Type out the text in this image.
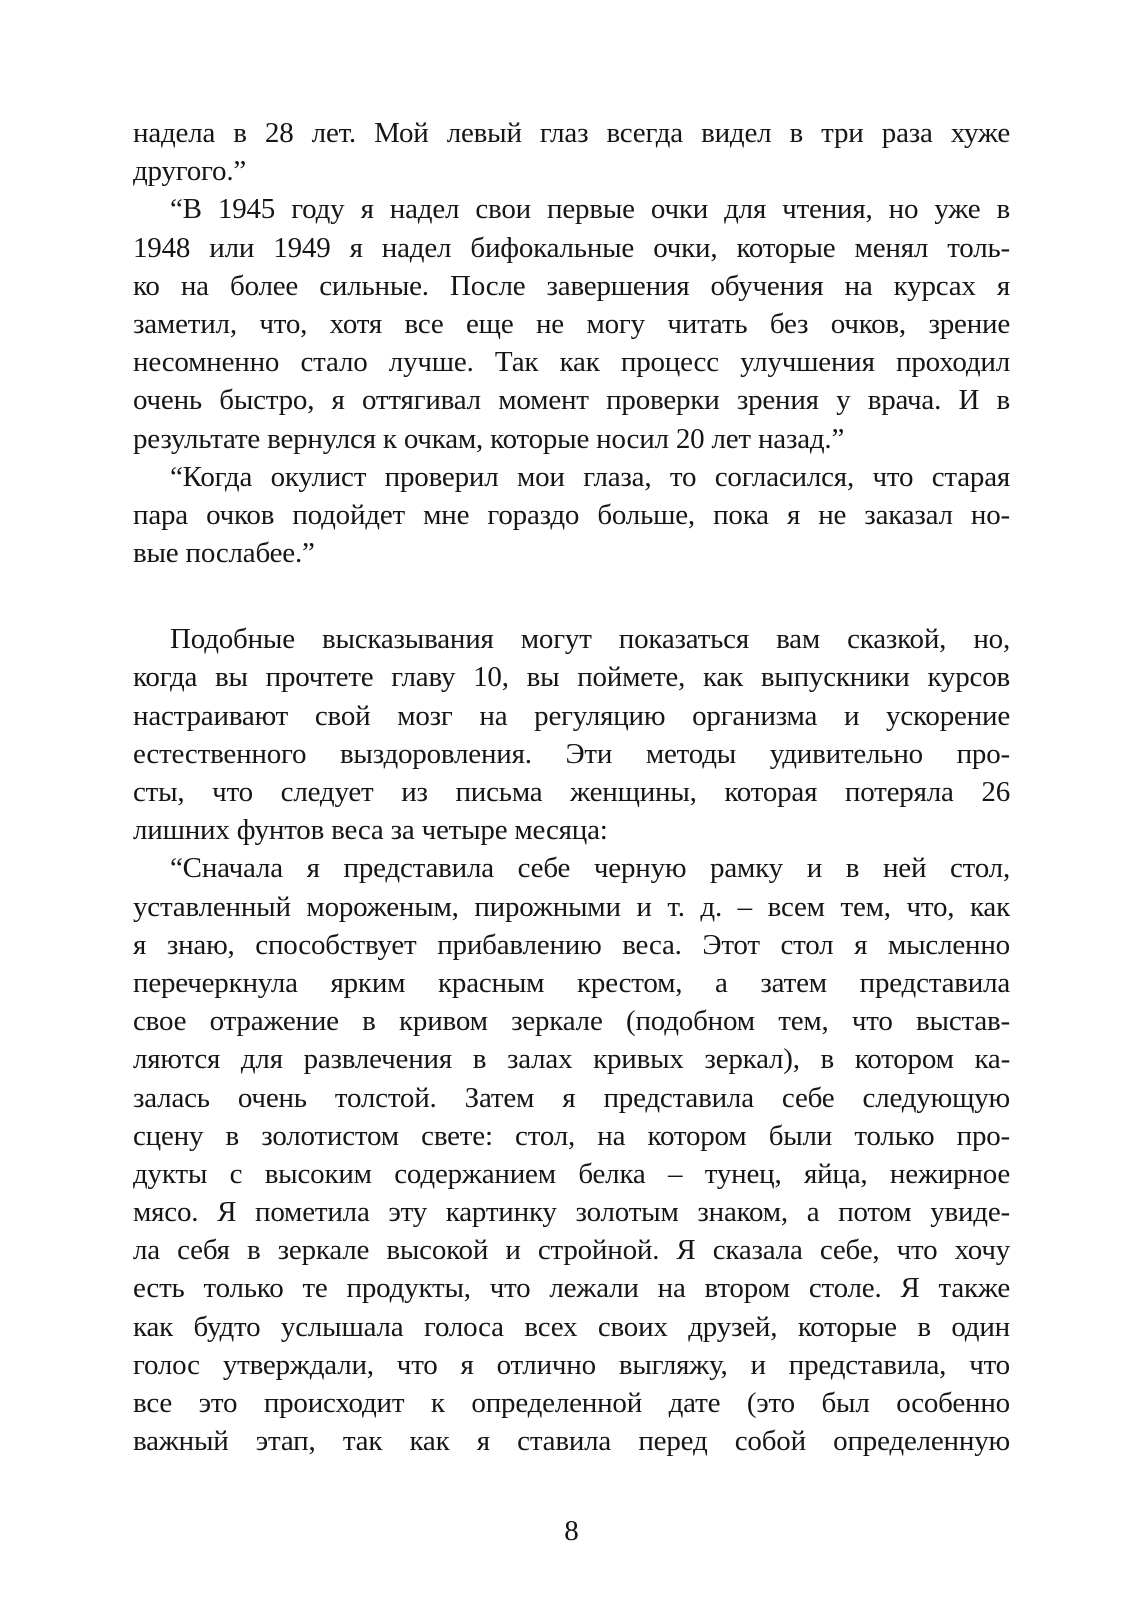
надела в 28 лет. Мой левый глаз всегда видел в три раза хуже
другого.”
“В 1945 году я надел свои первые очки для чтения, но уже в
1948 или 1949 я надел бифокальные очки, которые менял толь-
ко на более сильные. После завершения обучения на курсах я
заметил, что, хотя все еще не могу читать без очков, зрение
несомненно стало лучше. Так как процесс улучшения проходил
очень быстро, я оттягивал момент проверки зрения у врача. И в
результате вернулся к очкам, которые носил 20 лет назад.”
“Когда окулист проверил мои глаза, то согласился, что старая
пара очков подойдет мне гораздо больше, пока я не заказал но-
вые послабее.”
Подобные высказывания могут показаться вам сказкой, но,
когда вы прочтете главу 10, вы поймете, как выпускники курсов
настраивают свой мозг на регуляцию организма и ускорение
естественного выздоровления. Эти методы удивительно про-
сты, что следует из письма женщины, которая потеряла 26
лишних фунтов веса за четыре месяца:
“Сначала я представила себе черную рамку и в ней стол,
уставленный мороженым, пирожными и т. д. – всем тем, что, как
я знаю, способствует прибавлению веса. Этот стол я мысленно
перечеркнула ярким красным крестом, а затем представила
свое отражение в кривом зеркале (подобном тем, что выстав-
ляются для развлечения в залах кривых зеркал), в котором ка-
залась очень толстой. Затем я представила себе следующую
сцену в золотистом свете: стол, на котором были только про-
дукты с высоким содержанием белка – тунец, яйца, нежирное
мясо. Я пометила эту картинку золотым знаком, а потом увиде-
ла себя в зеркале высокой и стройной. Я сказала себе, что хочу
есть только те продукты, что лежали на втором столе. Я также
как будто услышала голоса всех своих друзей, которые в один
голос утверждали, что я отлично выгляжу, и представила, что
все это происходит к определенной дате (это был особенно
важный этап, так как я ставила перед собой определенную
8
